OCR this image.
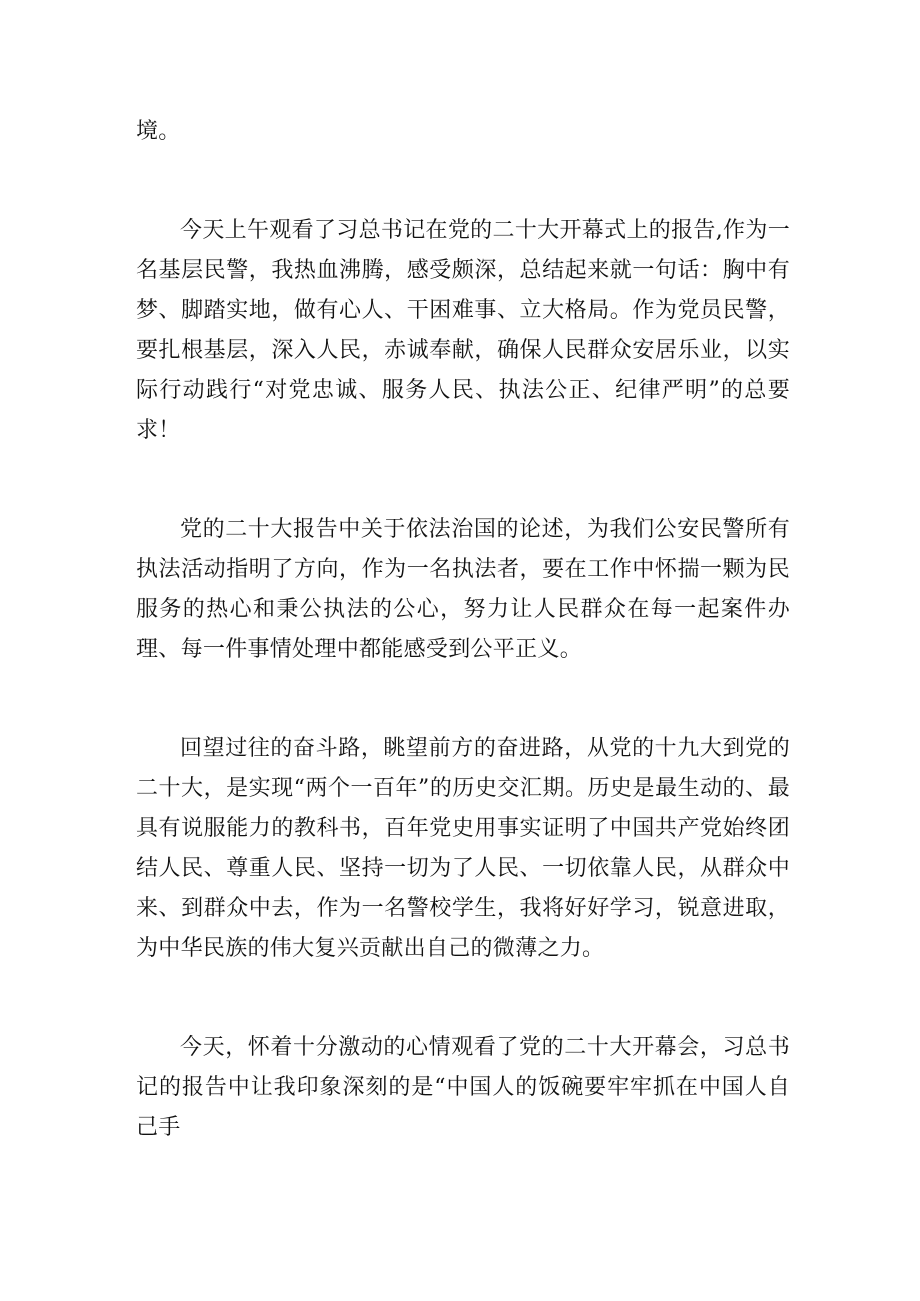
境。

今天上午观看了习总书记在党的二十大开幕式上的报告,作为一名基层民警，我热血沸腾，感受颇深，总结起来就一句话：胸中有梦、脚踏实地，做有心人、干困难事、立大格局。作为党员民警，要扎根基层，深入人民，赤诚奉献，确保人民群众安居乐业，以实际行动践行“对党忠诚、服务人民、执法公正、纪律严明”的总要求！

党的二十大报告中关于依法治国的论述，为我们公安民警所有执法活动指明了方向，作为一名执法者，要在工作中怀揣一颗为民服务的热心和秉公执法的公心，努力让人民群众在每一起案件办理、每一件事情处理中都能感受到公平正义。

回望过往的奋斗路，眺望前方的奋进路，从党的十九大到党的二十大，是实现“两个一百年”的历史交汇期。历史是最生动的、最具有说服能力的教科书，百年党史用事实证明了中国共产党始终团结人民、尊重人民、坚持一切为了人民、一切依靠人民，从群众中来、到群众中去，作为一名警校学生，我将好好学习，锐意进取，为中华民族的伟大复兴贡献出自己的微薄之力。

今天，怀着十分激动的心情观看了党的二十大开幕会，习总书记的报告中让我印象深刻的是“中国人的饭碗要牢牢抓在中国人自己手
